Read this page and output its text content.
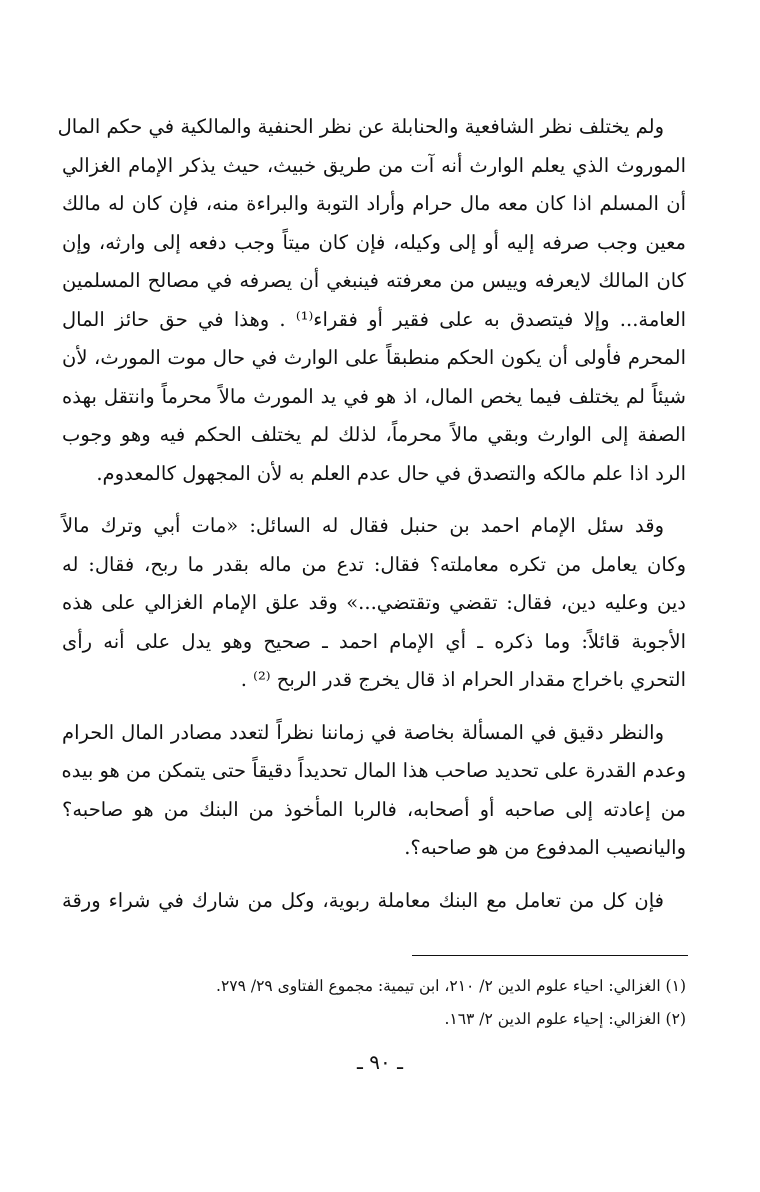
ولم يختلف نظر الشافعية والحنابلة عن نظر الحنفية والمالكية في حكم المال
الموروث الذي يعلم الوارث أنه آت من طريق خبيث، حيث يذكر الإمام الغزالي
أن المسلم اذا كان معه مال حرام وأراد التوبة والبراءة منه، فإن كان له مالك
معين وجب صرفه إليه أو إلى وكيله، فإن كان ميتاً وجب دفعه إلى وارثه، وإن
كان المالك لايعرفه وييس من معرفته فينبغي أن يصرفه في مصالح المسلمين
العامة... وإلا فيتصدق به على فقير أو فقراء⁽¹⁾ . وهذا في حق حائز المال
المحرم فأولى أن يكون الحكم منطبقاً على الوارث في حال موت المورث، لأن
شيئاً لم يختلف فيما يخص المال، اذ هو في يد المورث مالاً محرماً وانتقل بهذه
الصفة إلى الوارث وبقي مالاً محرماً، لذلك لم يختلف الحكم فيه وهو وجوب
الرد اذا علم مالكه والتصدق في حال عدم العلم به لأن المجهول كالمعدوم.

وقد سئل الإمام احمد بن حنبل فقال له السائل: «مات أبي وترك مالاً
وكان يعامل من تكره معاملته؟ فقال: تدع من ماله بقدر ما ربح، فقال: له
دين وعليه دين، فقال: تقضي وتقتضي...» وقد علق الإمام الغزالي على هذه
الأجوبة قائلاً: وما ذكره ـ أي الإمام احمد ـ صحيح وهو يدل على أنه رأى
التحري باخراج مقدار الحرام اذ قال يخرج قدر الربح ⁽²⁾ .

والنظر دقيق في المسألة بخاصة في زماننا نظراً لتعدد مصادر المال الحرام
وعدم القدرة على تحديد صاحب هذا المال تحديداً دقيقاً حتى يتمكن من هو بيده
من إعادته إلى صاحبه أو أصحابه، فالربا المأخوذ من البنك من هو صاحبه؟
واليانصيب المدفوع من هو صاحبه؟.

فإن كل من تعامل مع البنك معاملة ربوية، وكل من شارك في شراء ورقة

(١) الغزالي: احياء علوم الدين ٢/ ٢١٠، ابن تيمية: مجموع الفتاوى ٢٩/ ٢٧٩.
(٢) الغزالي: إحياء علوم الدين ٢/ ١٦٣.
ـ ٩٠ ـ
